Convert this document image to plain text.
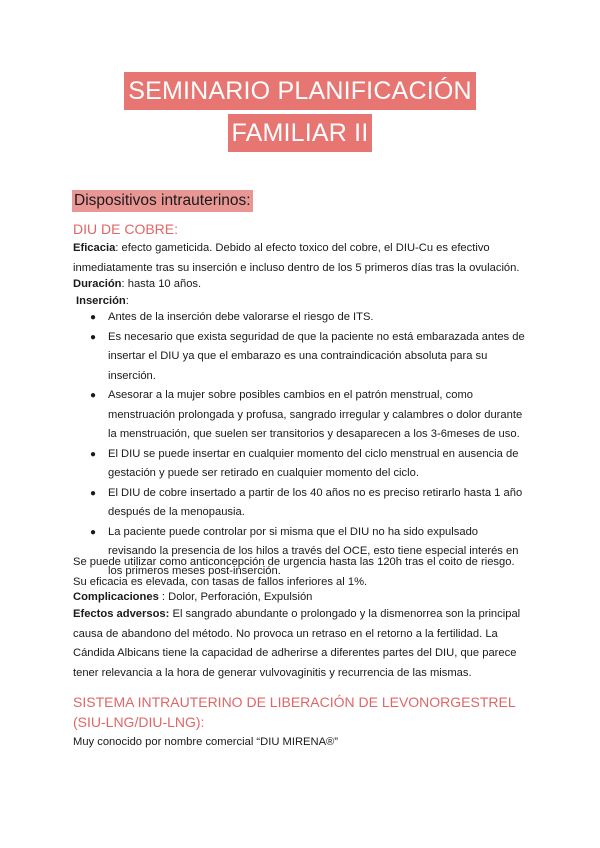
SEMINARIO PLANIFICACIÓN
FAMILIAR II
Dispositivos intrauterinos:
DIU DE COBRE:
Eficacia: efecto gameticida. Debido al efecto toxico del cobre, el DIU-Cu es efectivo inmediatamente tras su inserción e incluso dentro de los 5 primeros días tras la ovulación.
Duración: hasta 10 años.
Inserción:
● Antes de la inserción debe valorarse el riesgo de ITS.
● Es necesario que exista seguridad de que la paciente no está embarazada antes de insertar el DIU ya que el embarazo es una contraindicación absoluta para su inserción.
● Asesorar a la mujer sobre posibles cambios en el patrón menstrual, como menstruación prolongada y profusa, sangrado irregular y calambres o dolor durante la menstruación, que suelen ser transitorios y desaparecen a los 3-6meses de uso.
● El DIU se puede insertar en cualquier momento del ciclo menstrual en ausencia de gestación y puede ser retirado en cualquier momento del ciclo.
● El DIU de cobre insertado a partir de los 40 años no es preciso retirarlo hasta 1 año después de la menopausia.
● La paciente puede controlar por si misma que el DIU no ha sido expulsado revisando la presencia de los hilos a través del OCE, esto tiene especial interés en los primeros meses post-inserción.
Se puede utilizar como anticoncepción de urgencia hasta las 120h tras el coito de riesgo. Su eficacia es elevada, con tasas de fallos inferiores al 1%.
Complicaciones : Dolor, Perforación, Expulsión
Efectos adversos: El sangrado abundante o prolongado y la dismenorrea son la principal causa de abandono del método. No provoca un retraso en el retorno a la fertilidad. La Cándida Albicans tiene la capacidad de adherirse a diferentes partes del DIU, que parece tener relevancia a la hora de generar vulvovaginitis y recurrencia de las mismas.
SISTEMA INTRAUTERINO DE LIBERACIÓN DE LEVONORGESTREL (SIU-LNG/DIU-LNG):
Muy conocido por nombre comercial “DIU MIRENA®”
